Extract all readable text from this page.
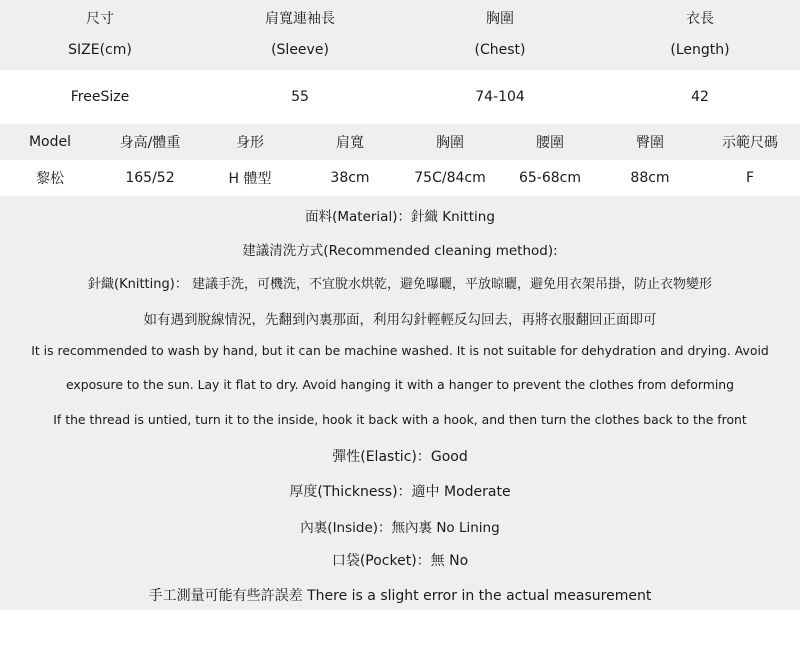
尺寸	肩寬連袖長	胸圍	衣長
SIZE(cm)	(Sleeve)	(Chest)	(Length)
FreeSize	55	74-104	42
Model	身高/體重	身形	肩寬	胸圍	腰圍	臀圍	示範尺碼
黎松	165/52	H 體型	38cm	75C/84cm	65-68cm	88cm	F
面料(Material)：針織 Knitting
建議清洗方式(Recommended cleaning method):
針織(Knitting)： 建議手洗，可機洗，不宜脫水烘乾，避免曝曬，平放晾曬，避免用衣架吊掛，防止衣物變形
如有遇到脫線情況，先翻到內裏那面，利用勾針輕輕反勾回去，再將衣服翻回正面即可
It is recommended to wash by hand, but it can be machine washed. It is not suitable for dehydration and drying. Avoid
exposure to the sun. Lay it flat to dry. Avoid hanging it with a hanger to prevent the clothes from deforming
If the thread is untied, turn it to the inside, hook it back with a hook, and then turn the clothes back to the front
彈性(Elastic)：Good
厚度(Thickness)：適中 Moderate
內裏(Inside)：無內裏 No Lining
口袋(Pocket)：無 No
手工測量可能有些許誤差 There is a slight error in the actual measurement
